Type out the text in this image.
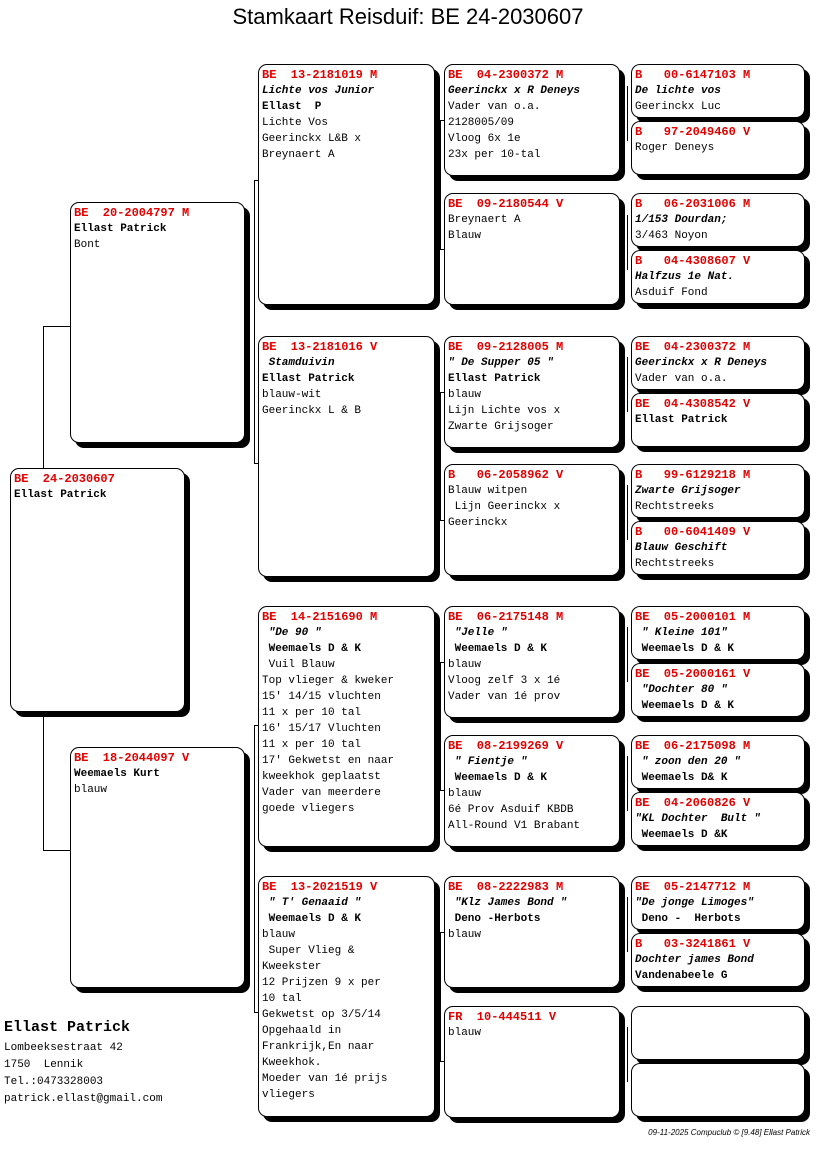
Stamkaart Reisduif: BE 24-2030607
BE  24-2030607
Ellast Patrick
BE  20-2004797 M
Ellast Patrick
Bont
BE  18-2044097 V
Weemaels Kurt
blauw
BE  13-2181019 M
Lichte vos Junior
Ellast  P
Lichte Vos
Geerinckx L&B x
Breynaert A
BE  13-2181016 V
Stamduivin
Ellast Patrick
blauw-wit
Geerinckx L & B
BE  14-2151690 M
"De 90 "
Weemaels D & K
Vuil Blauw
Top vlieger & kweker
15' 14/15 vluchten
11 x per 10 tal
16' 15/17 Vluchten
11 x per 10 tal
17' Gekwetst en naar
kweekhok geplaatst
Vader van meerdere
goede vliegers
BE  13-2021519 V
" T' Genaaid "
Weemaels D & K
blauw
Super Vlieg &
Kweekster
12 Prijzen 9 x per
10 tal
Gekwetst op 3/5/14
Opgehaald in
Frankrijk,En naar
Kweekhok.
Moeder van 1é prijs
vliegers
BE  04-2300372 M
Geerinckx x R Deneys
Vader van o.a.
2128005/09
Vloog 6x 1e
23x per 10-tal
BE  09-2180544 V
Breynaert A
Blauw
BE  09-2128005 M
" De Supper 05 "
Ellast Patrick
blauw
Lijn Lichte vos x
Zwarte Grijsoger
B   06-2058962 V
Blauw witpen
Lijn Geerinckx x
Geerinckx
BE  06-2175148 M
"Jelle "
Weemaels D & K
blauw
Vloog zelf 3 x 1é
Vader van 1é prov
BE  08-2199269 V
" Fientje "
Weemaels D & K
blauw
6é Prov Asduif KBDB
All-Round V1 Brabant
BE  08-2222983 M
"Klz James Bond "
Deno -Herbots
blauw
FR  10-444511 V
blauw
B   00-6147103 M
De lichte vos
Geerinckx Luc
B   97-2049460 V
Roger Deneys
B   06-2031006 M
1/153 Dourdan;
3/463 Noyon
B   04-4308607 V
Halfzus 1e Nat.
Asduif Fond
BE  04-2300372 M
Geerinckx x R Deneys
Vader van o.a.
BE  04-4308542 V
Ellast Patrick
B   99-6129218 M
Zwarte Grijsoger
Rechtstreeks
B   00-6041409 V
Blauw Geschift
Rechtstreeks
BE  05-2000101 M
" Kleine 101"
Weemaels D & K
BE  05-2000161 V
"Dochter 80 "
Weemaels D & K
BE  06-2175098 M
" zoon den 20 "
Weemaels D& K
BE  04-2060826 V
"KL Dochter  Bult "
Weemaels D &K
BE  05-2147712 M
"De jonge Limoges"
Deno -  Herbots
B   03-3241861 V
Dochter james Bond
Vandenabeele G
Ellast Patrick
Lombeeksestraat 42
1750  Lennik
Tel.:0473328003
patrick.ellast@gmail.com
09-11-2025 Compuclub © [9.48] Ellast Patrick
